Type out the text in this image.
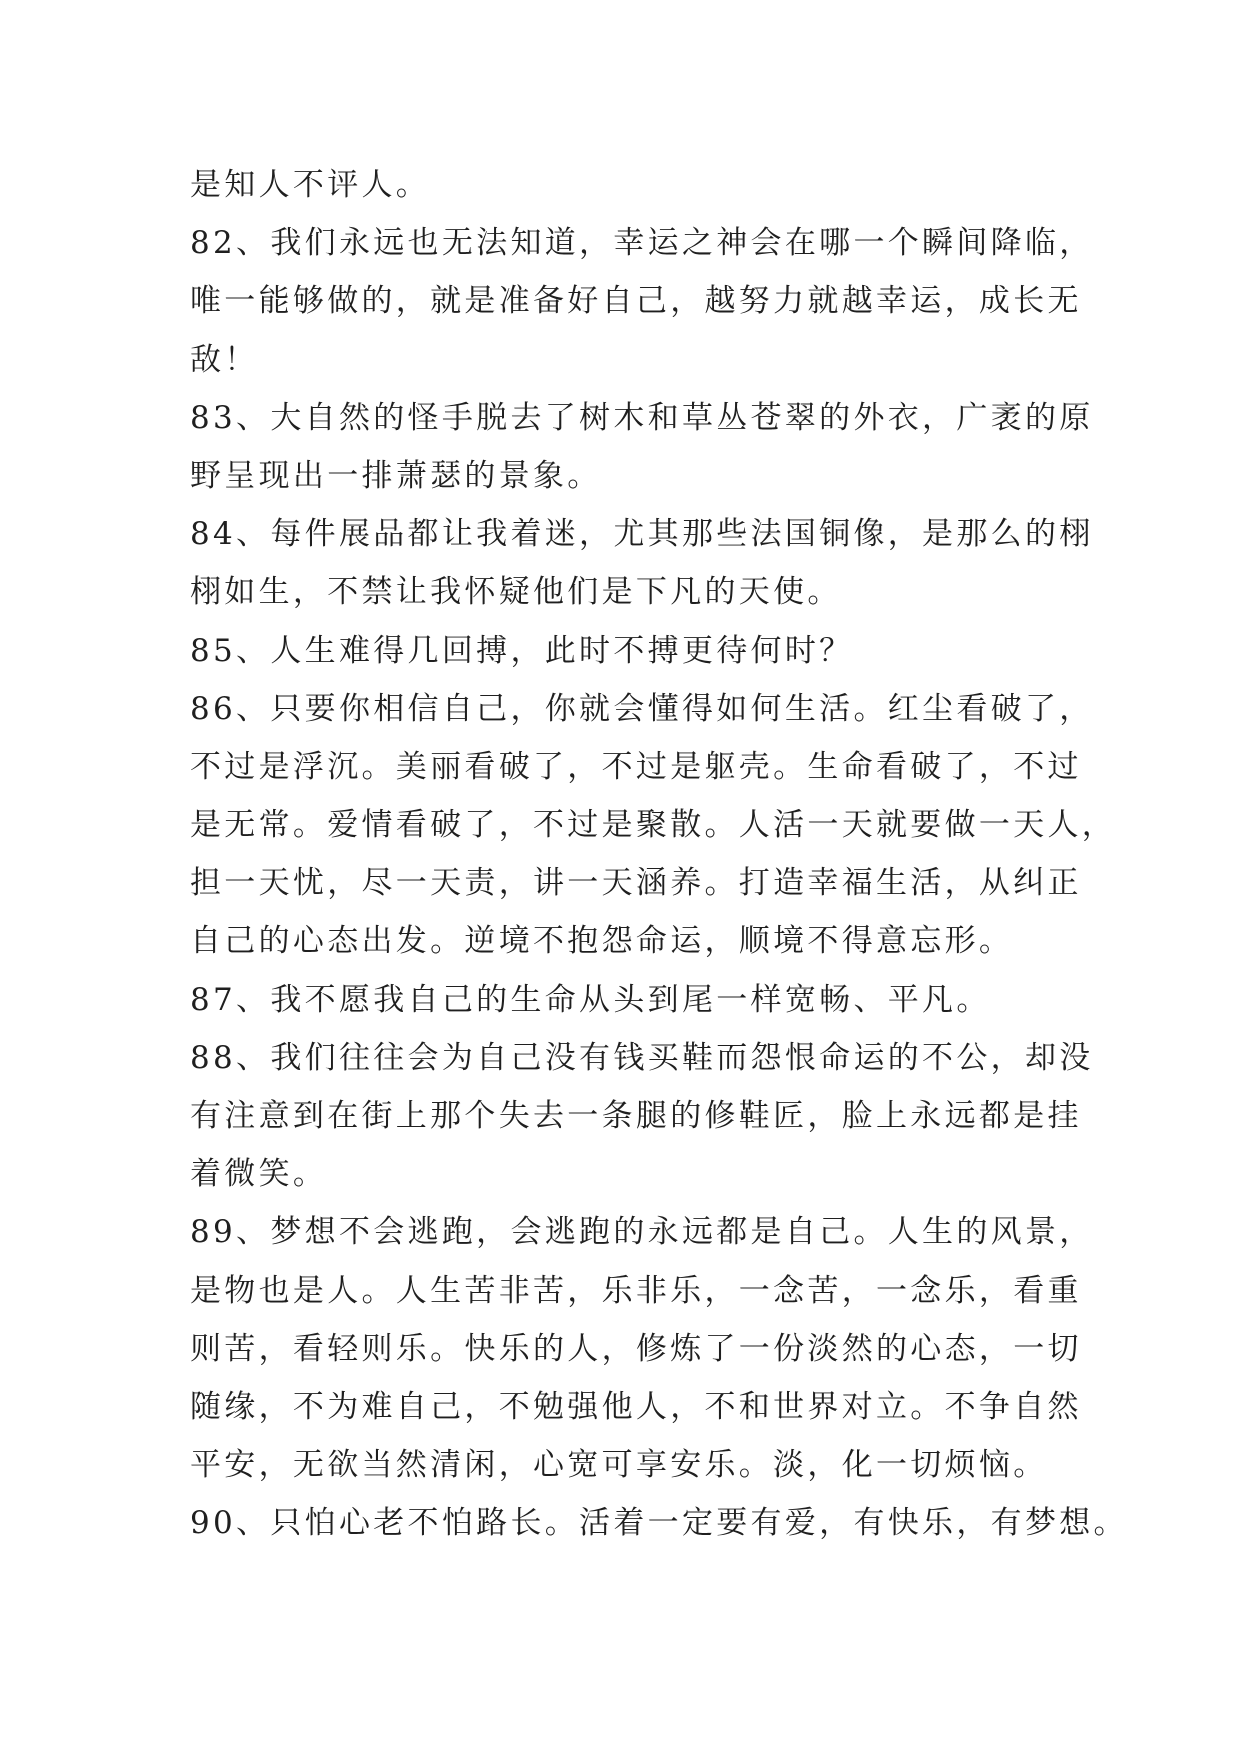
是知人不评人。
82、我们永远也无法知道，幸运之神会在哪一个瞬间降临，
唯一能够做的，就是准备好自己，越努力就越幸运，成长无
敌！
83、大自然的怪手脱去了树木和草丛苍翠的外衣，广袤的原
野呈现出一排萧瑟的景象。
84、每件展品都让我着迷，尤其那些法国铜像，是那么的栩
栩如生，不禁让我怀疑他们是下凡的天使。
85、人生难得几回搏，此时不搏更待何时？
86、只要你相信自己，你就会懂得如何生活。红尘看破了，
不过是浮沉。美丽看破了，不过是躯壳。生命看破了，不过
是无常。爱情看破了，不过是聚散。人活一天就要做一天人，
担一天忧，尽一天责，讲一天涵养。打造幸福生活，从纠正
自己的心态出发。逆境不抱怨命运，顺境不得意忘形。
87、我不愿我自己的生命从头到尾一样宽畅、平凡。
88、我们往往会为自己没有钱买鞋而怨恨命运的不公，却没
有注意到在街上那个失去一条腿的修鞋匠，脸上永远都是挂
着微笑。
89、梦想不会逃跑，会逃跑的永远都是自己。人生的风景，
是物也是人。人生苦非苦，乐非乐，一念苦，一念乐，看重
则苦，看轻则乐。快乐的人，修炼了一份淡然的心态，一切
随缘，不为难自己，不勉强他人，不和世界对立。不争自然
平安，无欲当然清闲，心宽可享安乐。淡，化一切烦恼。
90、只怕心老不怕路长。活着一定要有爱，有快乐，有梦想。
